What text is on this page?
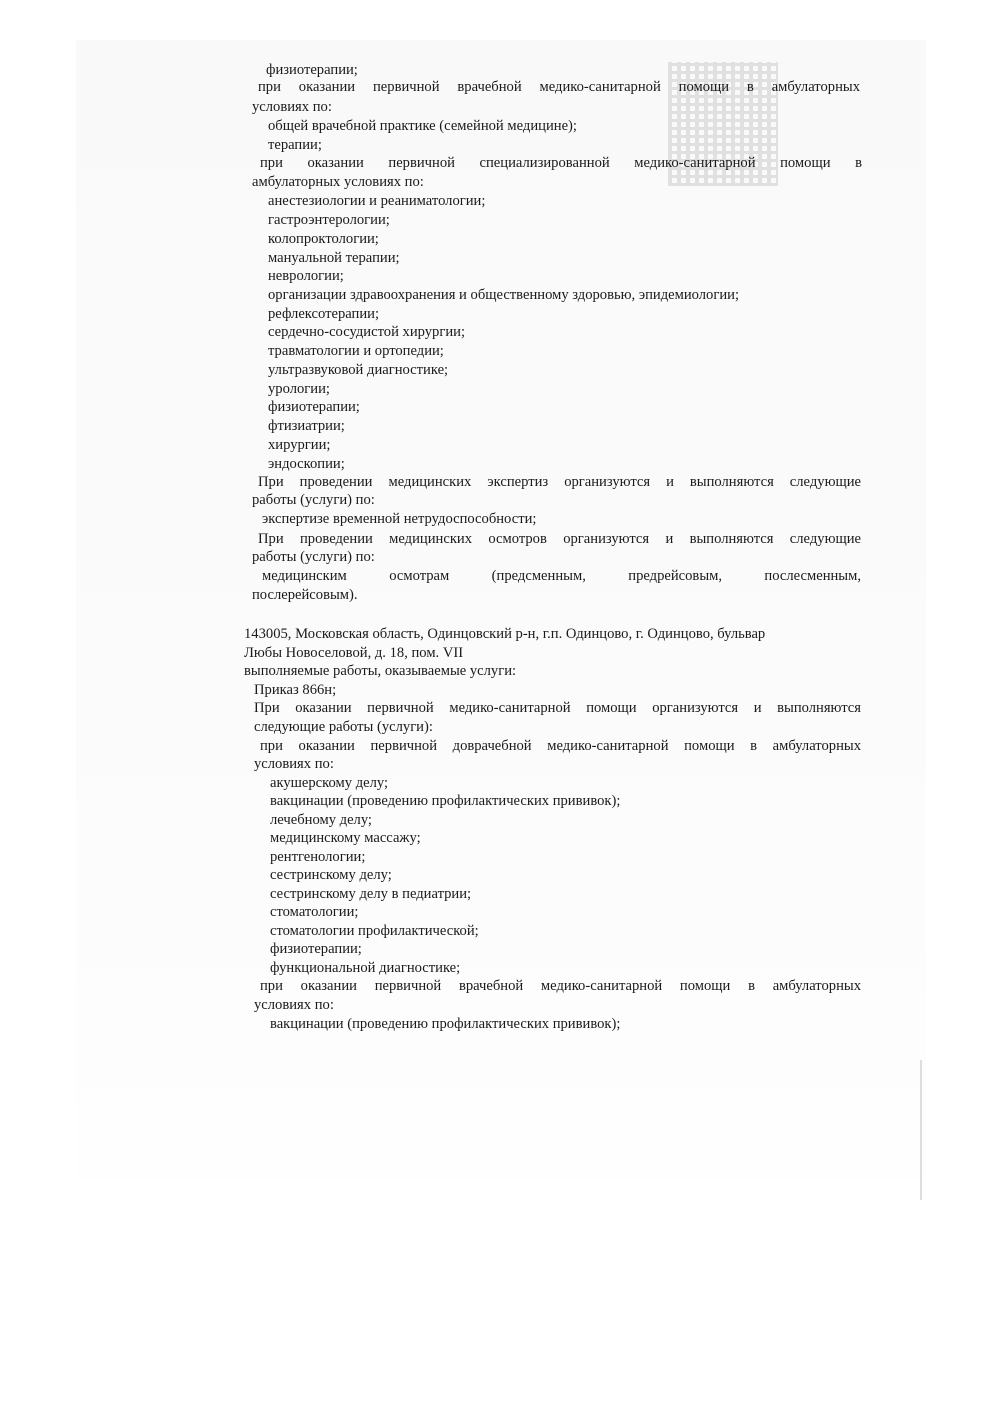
физиотерапии;
при оказании первичной врачебной медико-санитарной помощи в амбулаторных
условиях по:
общей врачебной практике (семейной медицине);
терапии;
при оказании первичной специализированной медико-санитарной помощи в
амбулаторных условиях по:
анестезиологии и реаниматологии;
гастроэнтерологии;
колопроктологии;
мануальной терапии;
неврологии;
организации здравоохранения и общественному здоровью, эпидемиологии;
рефлексотерапии;
сердечно-сосудистой хирургии;
травматологии и ортопедии;
ультразвуковой диагностике;
урологии;
физиотерапии;
фтизиатрии;
хирургии;
эндоскопии;
При проведении медицинских экспертиз организуются и выполняются следующие
работы (услуги) по:
экспертизе временной нетрудоспособности;
При проведении медицинских осмотров организуются и выполняются следующие
работы (услуги) по:
медицинским осмотрам (предсменным, предрейсовым, послесменным,
послерейсовым).
143005, Московская область, Одинцовский р-н, г.п. Одинцово, г. Одинцово, бульвар
Любы Новоселовой, д. 18, пом. VII
выполняемые работы, оказываемые услуги:
Приказ 866н;
При оказании первичной медико-санитарной помощи организуются и выполняются
следующие работы (услуги):
при оказании первичной доврачебной медико-санитарной помощи в амбулаторных
условиях по:
акушерскому делу;
вакцинации (проведению профилактических прививок);
лечебному делу;
медицинскому массажу;
рентгенологии;
сестринскому делу;
сестринскому делу в педиатрии;
стоматологии;
стоматологии профилактической;
физиотерапии;
функциональной диагностике;
при оказании первичной врачебной медико-санитарной помощи в амбулаторных
условиях по:
вакцинации (проведению профилактических прививок);
